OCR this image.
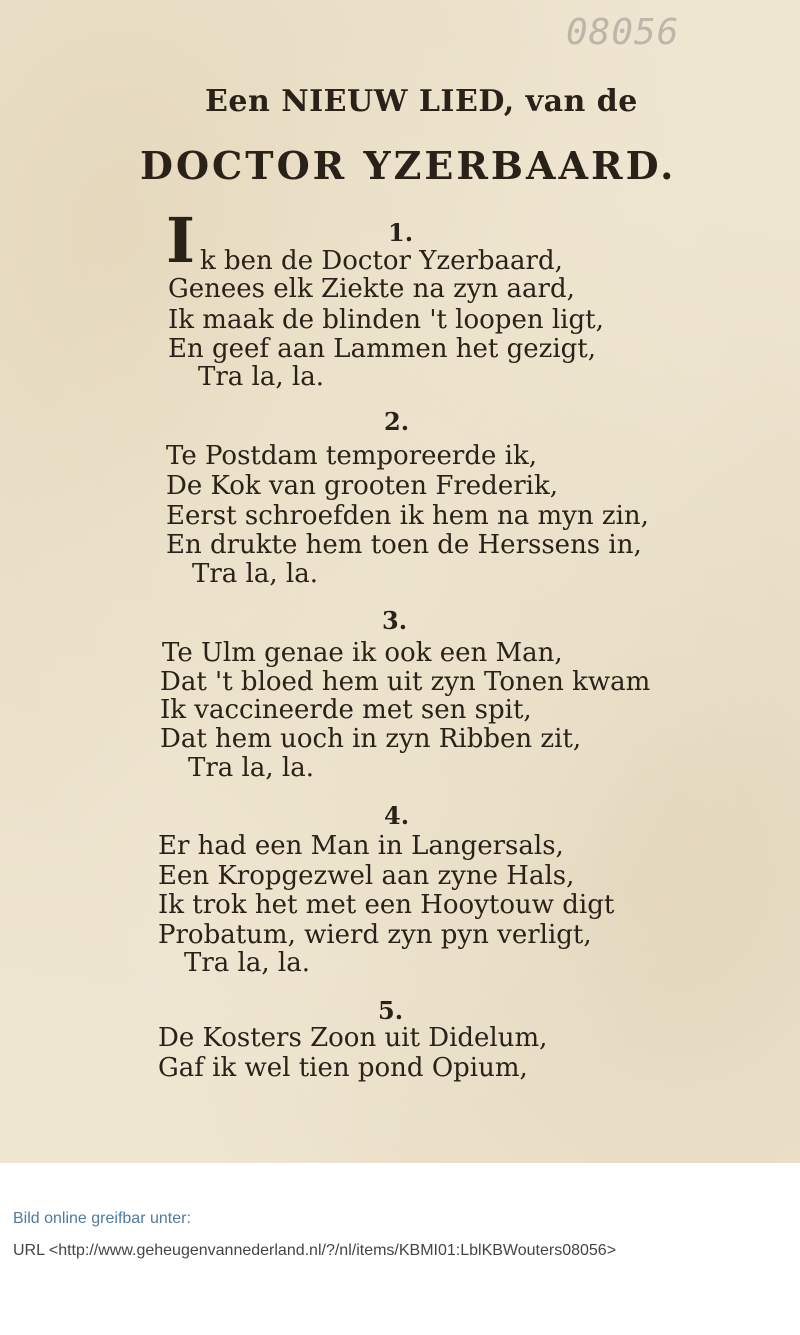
08056
Een NIEUW LIED, van de
DOCTOR YZERBAARD.
I	1.
k ben de Doctor Yzerbaard,
Genees elk Ziekte na zyn aard,
Ik maak de blinden 't loopen ligt,
En geef aan Lammen het gezigt,
Tra la, la.
2.
Te Postdam temporeerde ik,
De Kok van grooten Frederik,
Eerst schroefden ik hem na myn zin,
En drukte hem toen de Herssens in,
Tra la, la.
3.
Te Ulm genae ik ook een Man,
Dat 't bloed hem uit zyn Tonen kwam
Ik vaccineerde met sen spit,
Dat hem uoch in zyn Ribben zit,
Tra la, la.
4.
Er had een Man in Langersals,
Een Kropgezwel aan zyne Hals,
Ik trok het met een Hooytouw digt
Probatum, wierd zyn pyn verligt,
Tra la, la.
5.
De Kosters Zoon uit Didelum,
Gaf ik wel tien pond Opium,
Bild online greifbar unter:
URL <http://www.geheugenvannederland.nl/?/nl/items/KBMI01:LblKBWouters08056>
